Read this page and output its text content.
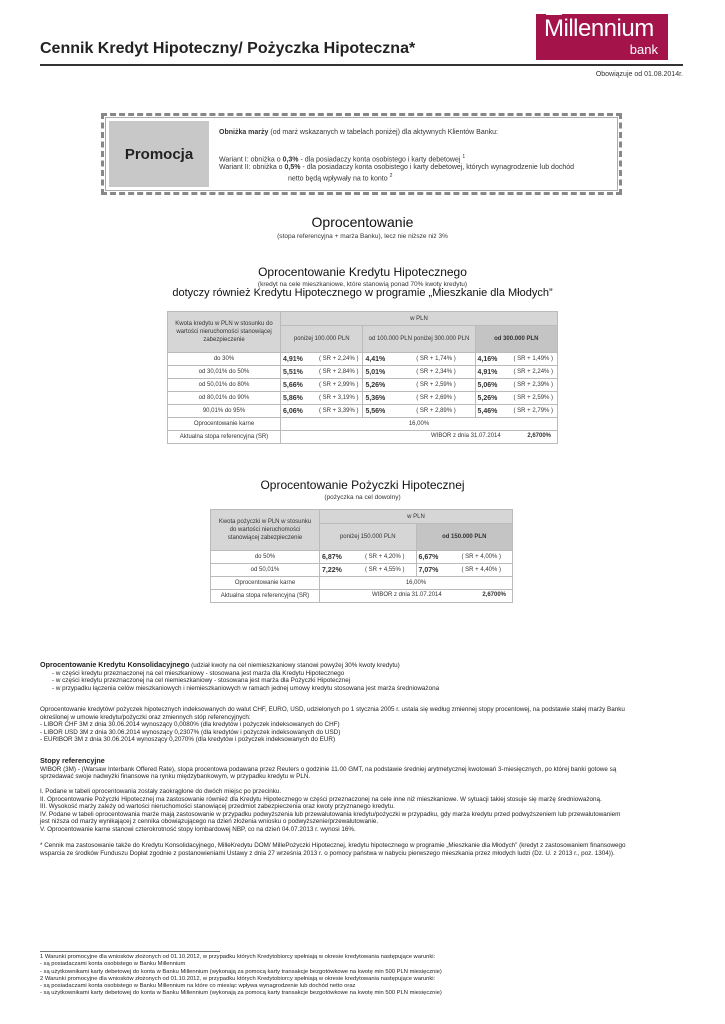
Millennium
bank
Cennik Kredyt Hipoteczny/ Pożyczka Hipoteczna*
Obowiązuje od 01.08.2014r.
Promocja
Obniżka marży (od marż wskazanych w tabelach poniżej) dla aktywnych Klientów Banku:
Wariant I: obniżka o 0,3% - dla posiadaczy konta osobistego i karty debetowej $^1$
Wariant II: obniżka o 0,5% - dla posiadaczy konta osobistego i karty debetowej, których wynagrodzenie lub dochód
netto będą wpływały na to konto $^2$
Oprocentowanie
(stopa referencyjna + marża Banku), lecz nie niższe niż 3%
Oprocentowanie Kredytu Hipotecznego
(kredyt na cele mieszkaniowe, które stanowią ponad 70% kwoty kredytu)
dotyczy również Kredytu Hipotecznego w programie „Mieszkanie dla Młodych”
Kwota kredytu w PLN w stosunku do wartości nieruchomości stanowiącej zabezpieczenie	w PLN					
	poniżej 100.000 PLN		od 100.000 PLN poniżej 300.000 PLN		od 300.000 PLN	
do 30%	4,91%	( SR + 2,24% )	4,41%	( SR + 1,74% )	4,16%	( SR + 1,49% )
od 30,01% do 50%	5,51%	( SR + 2,84% )	5,01%	( SR + 2,34% )	4,91%	( SR + 2,24% )
od 50,01% do 80%	5,66%	( SR + 2,99% )	5,26%	( SR + 2,59% )	5,06%	( SR + 2,39% )
od 80,01% do 90%	5,86%	( SR + 3,19% )	5,36%	( SR + 2,69% )	5,26%	( SR + 2,59% )
90,01% do 95%	6,06%	( SR + 3,39% )	5,56%	( SR + 2,89% )	5,46%	( SR + 2,79% )
Oprocentowanie karne	16,00%					
Aktualna stopa referencyjna (SR)	WIBOR z dnia 31.07.2014 2,6700%					
Oprocentowanie Pożyczki Hipotecznej
(pożyczka na cel dowolny)
Kwota pożyczki w PLN w stosunku do wartości nieruchomości stanowiącej zabezpieczenie	w PLN			
	poniżej 150.000 PLN		od 150.000 PLN	
do 50%	6,87%	( SR + 4,20% )	6,67%	( SR + 4,00% )
od 50,01%	7,22%	( SR + 4,55% )	7,07%	( SR + 4,40% )
Oprocentowanie karne	16,00%			
Aktualna stopa referencyjna (SR)	WIBOR z dnia 31.07.2014 2,6700%			
Oprocentowanie Kredytu Konsolidacyjnego (udział kwoty na cel niemieszkaniowy stanowi powyżej 30% kwoty kredytu)
- w części kredytu przeznaczonej na cel mieszkaniowy - stosowana jest marża dla Kredytu Hipotecznego
- w części kredytu przeznaczonej na cel niemieszkaniowy - stosowana jest marża dla Pożyczki Hipotecznej
- w przypadku łączenia celów mieszkaniowych i niemieszkaniowych w ramach jednej umowy kredytu stosowana jest marża średnioważona
Oprocentowanie kredytów/ pożyczek hipotecznych indeksowanych do walut CHF, EURO, USD, udzielonych po 1 stycznia 2005 r. ustala się według zmiennej stopy procentowej, na podstawie stałej marży Banku
określonej w umowie kredytu/pożyczki oraz zmiennych stóp referencyjnych:
- LIBOR CHF 3M z dnia 30.06.2014 wynoszący 0,0080% (dla kredytów i pożyczek indeksowanych do CHF)
- LIBOR USD 3M z dnia 30.06.2014 wynoszący 0,2307% (dla kredytów i pożyczek indeksowanych do USD)
- EURIBOR 3M z dnia 30.06.2014 wynoszący 0,2070% (dla kredytów i pożyczek indeksowanych do EUR)
Stopy referencyjne
WIBOR (3M) - (Warsaw Interbank Offered Rate), stopa procentowa podawana przez Reuters o godzinie 11.00 GMT, na podstawie średniej arytmetycznej kwotowań 3-miesięcznych, po której banki gotowe są
sprzedawać swoje nadwyżki finansowe na rynku międzybankowym, w przypadku kredytu w PLN.
I. Podane w tabeli oprocentowania zostały zaokrąglone do dwóch miejsc po przecinku.
II. Oprocentowanie Pożyczki Hipotecznej ma zastosowanie również dla Kredytu Hipotecznego w części przeznaczonej na cele inne niż mieszkaniowe. W sytuacji takiej stosuje się marżę średnioważoną.
III. Wysokość marży zależy od wartości nieruchomości stanowiącej przedmiot zabezpieczenia oraz kwoty przyznanego kredytu.
IV. Podane w tabeli oprocentowania marże mają zastosowanie w przypadku podwyższenia lub przewalutowania kredytu/pożyczki w przypadku, gdy marża kredytu przed podwyższeniem lub przewalutowaniem
jest niższa od marży wynikającej z cennika obowiązującego na dzień złożenia wniosku o podwyższenie/przewalutowanie.
V. Oprocentowanie karne stanowi czterokrotność stopy lombardowej NBP, co na dzień 04.07.2013 r. wynosi 16%.
* Cennik ma zastosowanie także do Kredytu Konsolidacyjnego, MilleKredytu DOM/ MillePożyczki Hipotecznej, kredytu hipotecznego w programie „Mieszkanie dla Młodych” (kredyt z zastosowaniem finansowego
wsparcia ze środków Funduszu Dopłat zgodnie z postanowieniami Ustawy z dnia 27 września 2013 r. o pomocy państwa w nabyciu pierwszego mieszkania przez młodych ludzi (Dz. U. z 2013 r., poz. 1304)).
1 Warunki promocyjne dla wniosków złożonych od 01.10.2012, w przypadku których Kredytobiorcy spełniają w okresie kredytowania następujące warunki:
- są posiadaczami konta osobistego w Banku Millennium
- są użytkownikami karty debetowej do konta w Banku Millennium (wykonają za pomocą karty transakcje bezgotówkowe na kwotę min 500 PLN miesięcznie)
2 Warunki promocyjne dla wniosków złożonych od 01.10.2012, w przypadku których Kredytobiorcy spełniają w okresie kredytowania następujące warunki:
- są posiadaczami konta osobistego w Banku Millennium na które co miesiąc wpływa wynagrodzenie lub dochód netto oraz
- są użytkownikami karty debetowej do konta w Banku Millennium (wykonają za pomocą karty transakcje bezgotówkowe na kwotę min 500 PLN miesięcznie)
